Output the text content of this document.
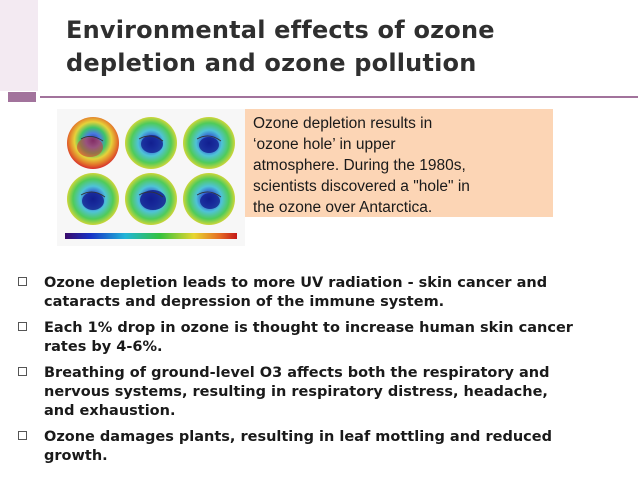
Environmental effects of ozone
depletion and ozone pollution
Ozone depletion results in
‘ozone hole’ in upper
atmosphere. During the 1980s,
scientists discovered a "hole" in
the ozone over Antarctica.
Ozone depletion leads to more UV radiation - skin cancer and
cataracts and depression of the immune system.
Each 1% drop in ozone is thought to increase human skin cancer
rates by 4-6%.
Breathing of ground-level O3 affects both the respiratory and
nervous systems, resulting in respiratory distress, headache,
and exhaustion.
Ozone damages plants, resulting in leaf mottling and reduced
growth.
